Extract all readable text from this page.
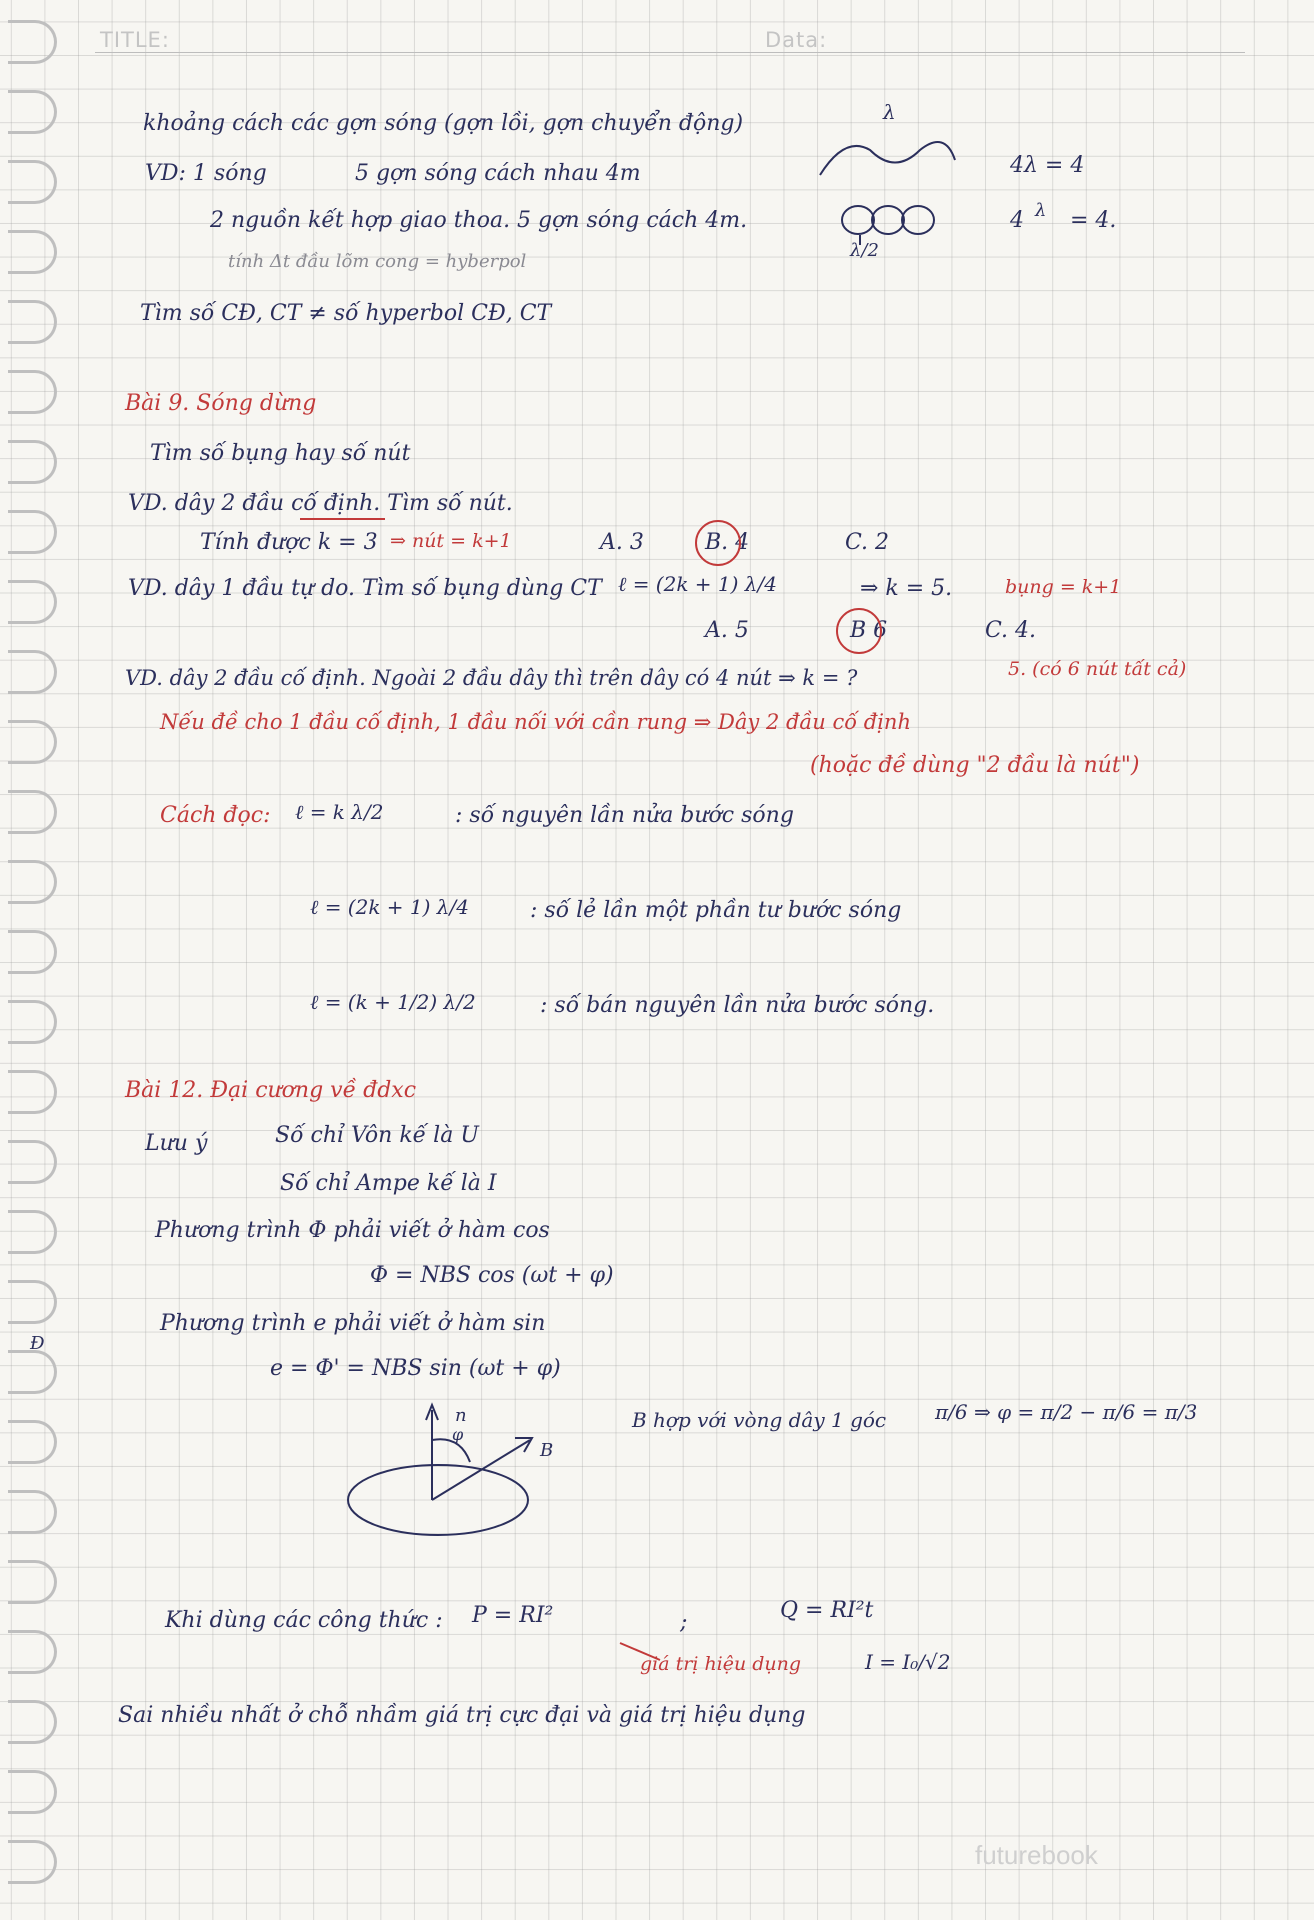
TITLE:	Data:
λ
λ/2
khoảng cách các gợn sóng (gợn lồi, gợn chuyển động)
VD: 1 sóng	5 gợn sóng cách nhau 4m
2 nguồn kết hợp giao thoa. 5 gợn sóng cách 4m.
tính Δt đầu lõm cong = hyberpol
Tìm số CĐ, CT ≠ số hyperbol CĐ, CT
4λ = 4
4 λ = 4.
Bài 9. Sóng dừng
Tìm số bụng hay số nút
VD. dây 2 đầu cố định. Tìm số nút.
Tính được k = 3 ⇒ nút = k+1	A. 3	B. 4	C. 2
VD. dây 1 đầu tự do. Tìm số bụng dùng CT ℓ = (2k + 1) λ/4	⇒ k = 5.	bụng = k+1
A. 5	B 6	C. 4.
VD. dây 2 đầu cố định. Ngoài 2 đầu dây thì trên dây có 4 nút ⇒ k = ?	5. (có 6 nút tất cả)
Nếu đề cho 1 đầu cố định, 1 đầu nối với cần rung ⇒ Dây 2 đầu cố định
(hoặc đề dùng "2 đầu là nút")
Cách đọc: ℓ = k λ/2	: số nguyên lần nửa bước sóng
ℓ = (2k + 1) λ/4	: số lẻ lần một phần tư bước sóng
ℓ = (k + 1/2) λ/2	: số bán nguyên lần nửa bước sóng.
Bài 12. Đại cương về đdxc
Lưu ý	Số chỉ Vôn kế là U
Số chỉ Ampe kế là I
Phương trình Φ phải viết ở hàm cos
Φ = NBS cos (ωt + φ)
Phương trình e phải viết ở hàm sin
e = Φ' = NBS sin (ωt + φ)
n
B
φ
B hợp với vòng dây 1 góc π/6 ⇒ φ = π/2 − π/6 = π/3
Khi dùng các công thức : P = RI²	;	Q = RI²t
giá trị hiệu dụng	I = I₀/√2
Sai nhiều nhất ở chỗ nhầm giá trị cực đại và giá trị hiệu dụng
Đ
futurebook
